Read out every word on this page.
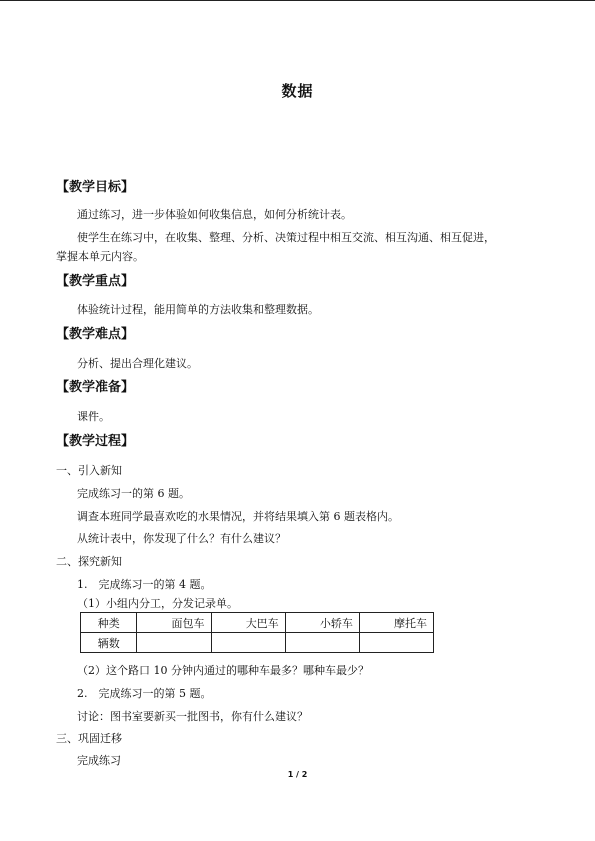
数据
【教学目标】
通过练习，进一步体验如何收集信息，如何分析统计表。
使学生在练习中，在收集、整理、分析、决策过程中相互交流、相互沟通、相互促进，
掌握本单元内容。
【教学重点】
体验统计过程，能用简单的方法收集和整理数据。
【教学难点】
分析、提出合理化建议。
【教学准备】
课件。
【教学过程】
一、引入新知
完成练习一的第 6 题。
调查本班同学最喜欢吃的水果情况，并将结果填入第 6 题表格内。
从统计表中，你发现了什么？有什么建议？
二、探究新知
1.　完成练习一的第 4 题。
（1）小组内分工，分发记录单。
种类	面包车	大巴车	小轿车	摩托车
辆数				
（2）这个路口 10 分钟内通过的哪种车最多？哪种车最少？
2.　完成练习一的第 5 题。
讨论：图书室要新买一批图书，你有什么建议？
三、巩固迁移
完成练习
1 / 2
